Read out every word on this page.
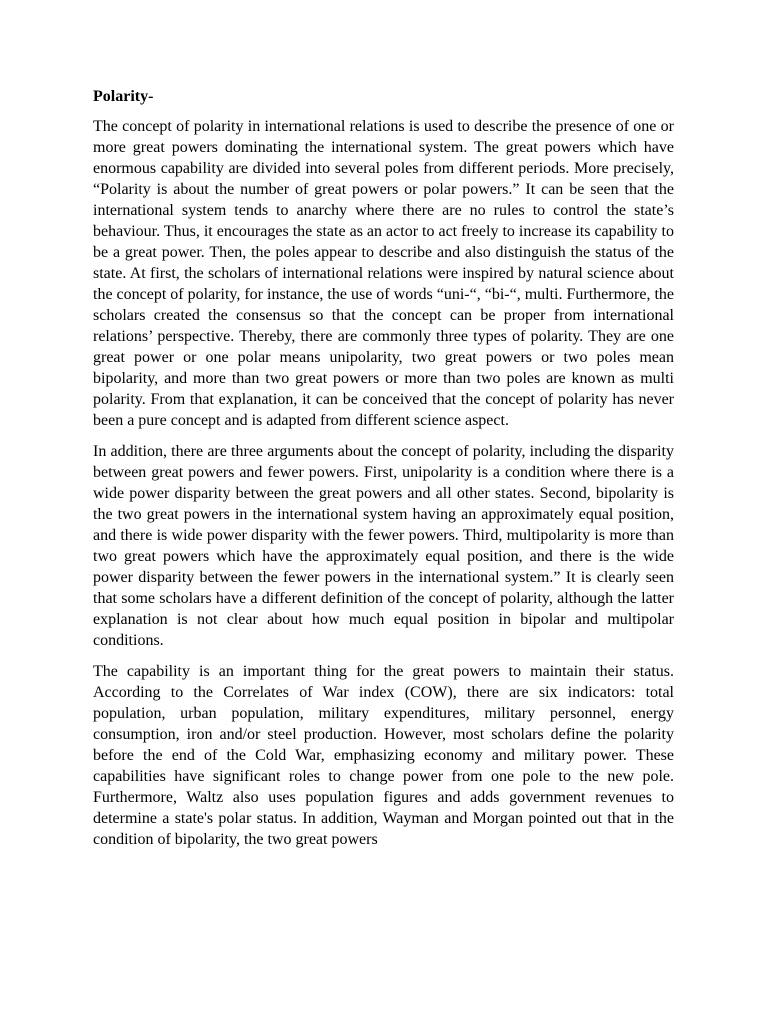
Polarity-

The concept of polarity in international relations is used to describe the presence of one or more great powers dominating the international system. The great powers which have enormous capability are divided into several poles from different periods. More precisely, “Polarity is about the number of great powers or polar powers.” It can be seen that the international system tends to anarchy where there are no rules to control the state’s behaviour. Thus, it encourages the state as an actor to act freely to increase its capability to be a great power. Then, the poles appear to describe and also distinguish the status of the state. At first, the scholars of international relations were inspired by natural science about the concept of polarity, for instance, the use of words “uni-“, “bi-“, multi. Furthermore, the scholars created the consensus so that the concept can be proper from international relations’ perspective. Thereby, there are commonly three types of polarity. They are one great power or one polar means unipolarity, two great powers or two poles mean bipolarity, and more than two great powers or more than two poles are known as multi polarity. From that explanation, it can be conceived that the concept of polarity has never been a pure concept and is adapted from different science aspect.

In addition, there are three arguments about the concept of polarity, including the disparity between great powers and fewer powers. First, unipolarity is a condition where there is a wide power disparity between the great powers and all other states. Second, bipolarity is the two great powers in the international system having an approximately equal position, and there is wide power disparity with the fewer powers. Third, multipolarity is more than two great powers which have the approximately equal position, and there is the wide power disparity between the fewer powers in the international system.” It is clearly seen that some scholars have a different definition of the concept of polarity, although the latter explanation is not clear about how much equal position in bipolar and multipolar conditions.

The capability is an important thing for the great powers to maintain their status. According to the Correlates of War index (COW), there are six indicators: total population, urban population, military expenditures, military personnel, energy consumption, iron and/or steel production. However, most scholars define the polarity before the end of the Cold War, emphasizing economy and military power. These capabilities have significant roles to change power from one pole to the new pole. Furthermore, Waltz also uses population figures and adds government revenues to determine a state's polar status. In addition, Wayman and Morgan pointed out that in the condition of bipolarity, the two great powers
